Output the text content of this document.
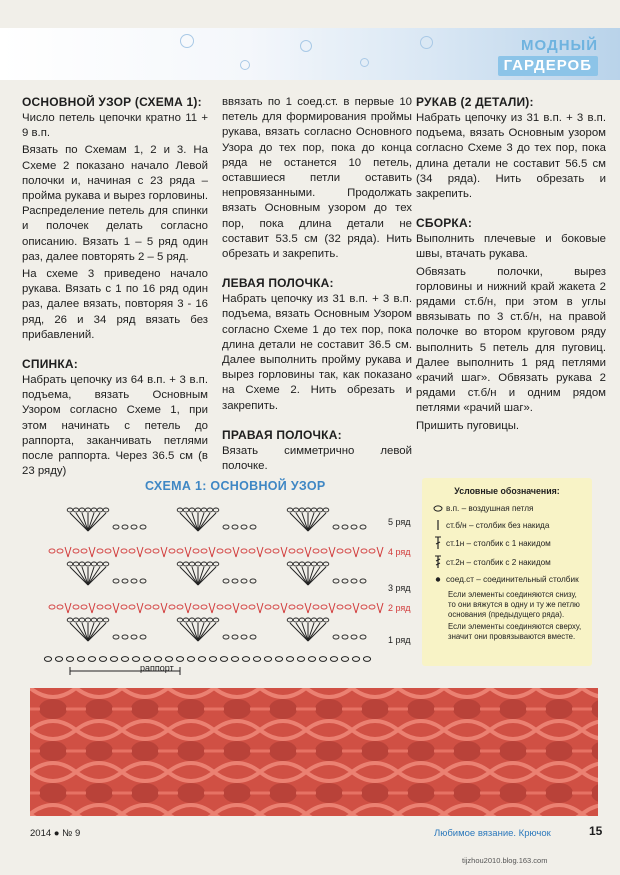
МОДНЫЙ
ГАРДЕРОБ
ОСНОВНОЙ УЗОР (СХЕМА 1):

Число петель цепочки кратно 11 + 9 в.п.

Вязать по Схемам 1, 2 и 3. На Схеме 2 показано начало Левой полочки и, начиная с 23 ряда – пройма рукава и вырез горловины. Распределение петель для спинки и полочек делать согласно описанию. Вязать 1 – 5 ряд один раз, далее повторять 2 – 5 ряд.

На схеме 3 приведено начало рукава. Вязать с 1 по 16 ряд один раз, далее вязать, повторяя 3 - 16 ряд, 26 и 34 ряд вязать без прибавлений.

СПИНКА:

Набрать цепочку из 64 в.п. + 3 в.п. подъема, вязать Основным Узором согласно Схеме 1, при этом начинать с петель до раппорта, заканчивать петлями после раппорта. Через 36.5 см (в 23 ряду)

ввязать по 1 соед.ст. в первые 10 петель для формирования проймы рукава, вязать согласно Основного Узора до тех пор, пока до конца ряда не останется 10 петель, оставшиеся петли оставить непровязанными. Продолжать вязать Основным узором до тех пор, пока длина детали не составит 53.5 см (32 ряда). Нить обрезать и закрепить.

ЛЕВАЯ ПОЛОЧКА:

Набрать цепочку из 31 в.п. + 3 в.п. подъема, вязать Основным Узором согласно Схеме 1 до тех пор, пока длина детали не составит 36.5 см. Далее выполнить пройму рукава и вырез горловины так, как показано на Схеме 2. Нить обрезать и закрепить.

ПРАВАЯ ПОЛОЧКА:

Вязать симметрично левой полочке.

РУКАВ (2 ДЕТАЛИ):

Набрать цепочку из 31 в.п. + 3 в.п. подъема, вязать Основным узором согласно Схеме 3 до тех пор, пока длина детали не составит 56.5 см (34 ряда). Нить обрезать и закрепить.

СБОРКА:

Выполнить плечевые и боковые швы, втачать рукава.

Обвязать полочки, вырез горловины и нижний край жакета 2 рядами ст.б/н, при этом в углы ввязывать по 3 ст.б/н, на правой полочке во втором круговом ряду выполнить 5 петель для пуговиц. Далее выполнить 1 ряд петлями «рачий шаг». Обвязать рукава 2 рядами ст.б/н и одним рядом петлями «рачий шаг».

Пришить пуговицы.

СХЕМА 1: ОСНОВНОЙ УЗОР
5 ряд
4 ряд
3 ряд
2 ряд
1 ряд
раппорт
Условные обозначения:
в.п. – воздушная петля
ст.б/н – столбик без накида
ст.1н – столбик с 1 накидом
ст.2н – столбик с 2 накидом
соед.ст – соединительный столбик
Если элементы соединяются снизу, то они вяжутся в одну и ту же петлю основания (предыдущего ряда).
Если элементы соединяются сверху, значит они провязываются вместе.
2014 ● № 9	Любимое вязание. Крючок	15
tijzhou2010.blog.163.com
